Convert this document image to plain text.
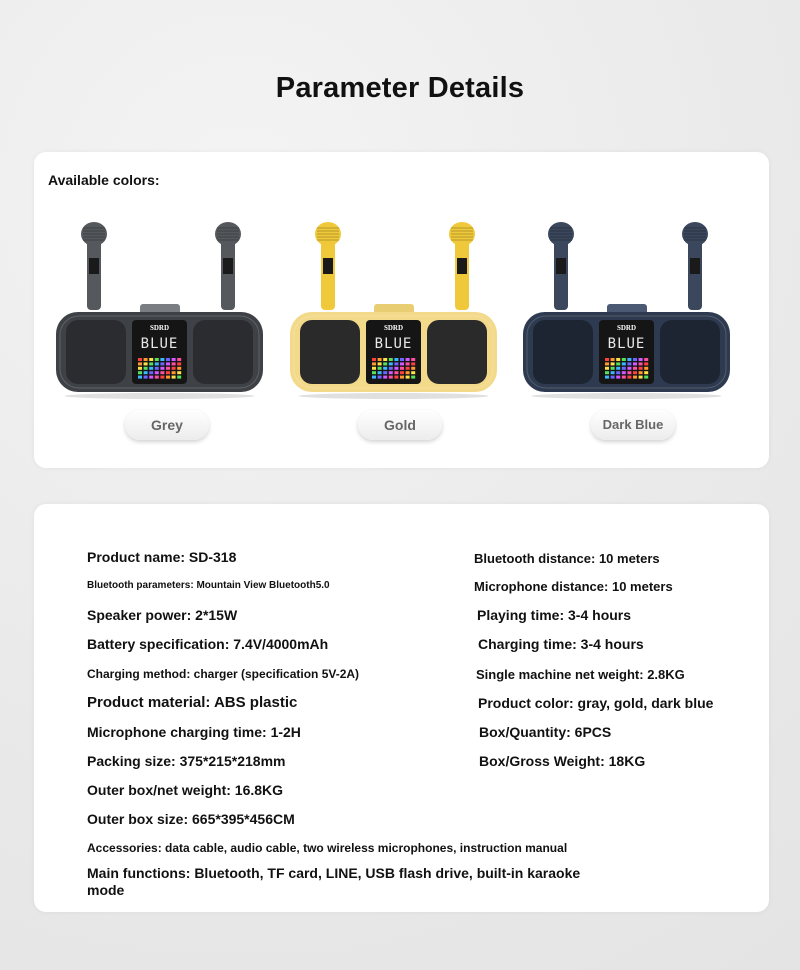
Parameter Details
Available colors:
SDRD
BLUE
SDRD
BLUE
SDRD
BLUE
Grey	Gold	Dark Blue
Product name: SD-318
Bluetooth parameters: Mountain View Bluetooth5.0
Speaker power: 2*15W
Battery specification: 7.4V/4000mAh
Charging method: charger (specification 5V-2A)
Product material: ABS plastic
Microphone charging time: 1-2H
Packing size: 375*215*218mm
Outer box/net weight: 16.8KG
Outer box size: 665*395*456CM
Accessories: data cable, audio cable, two wireless microphones, instruction manual
Main functions: Bluetooth, TF card, LINE, USB flash drive, built-in karaoke mode
Bluetooth distance: 10 meters
Microphone distance: 10 meters
Playing time: 3-4 hours
Charging time: 3-4 hours
Single machine net weight: 2.8KG
Product color: gray, gold, dark blue
Box/Quantity: 6PCS
Box/Gross Weight: 18KG
